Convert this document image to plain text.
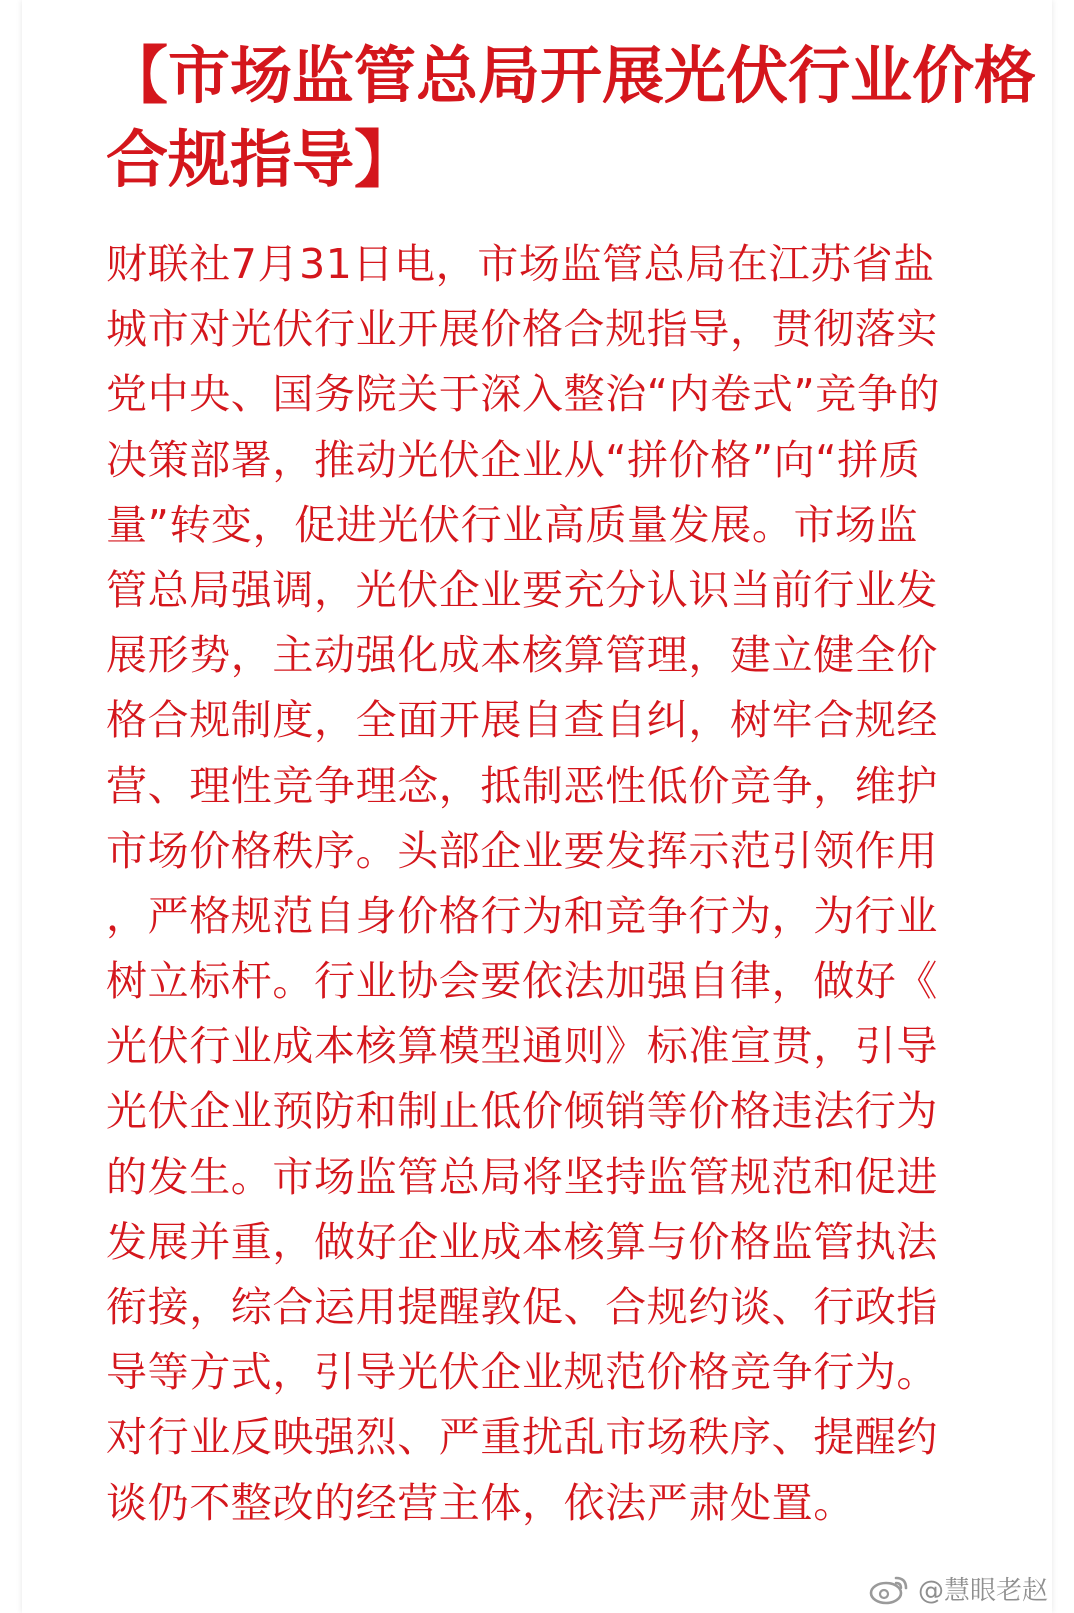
【市场监管总局开展光伏行业价格
合规指导】
财联社7月31日电，市场监管总局在江苏省盐
城市对光伏行业开展价格合规指导，贯彻落实
党中央、国务院关于深入整治“内卷式”竞争的
决策部署，推动光伏企业从“拼价格”向“拼质
量”转变，促进光伏行业高质量发展。市场监
管总局强调，光伏企业要充分认识当前行业发
展形势，主动强化成本核算管理，建立健全价
格合规制度，全面开展自查自纠，树牢合规经
营、理性竞争理念，抵制恶性低价竞争，维护
市场价格秩序。头部企业要发挥示范引领作用
，严格规范自身价格行为和竞争行为，为行业
树立标杆。行业协会要依法加强自律，做好《
光伏行业成本核算模型通则》标准宣贯，引导
光伏企业预防和制止低价倾销等价格违法行为
的发生。市场监管总局将坚持监管规范和促进
发展并重，做好企业成本核算与价格监管执法
衔接，综合运用提醒敦促、合规约谈、行政指
导等方式，引导光伏企业规范价格竞争行为。
对行业反映强烈、严重扰乱市场秩序、提醒约
谈仍不整改的经营主体，依法严肃处置。
@慧眼老赵
